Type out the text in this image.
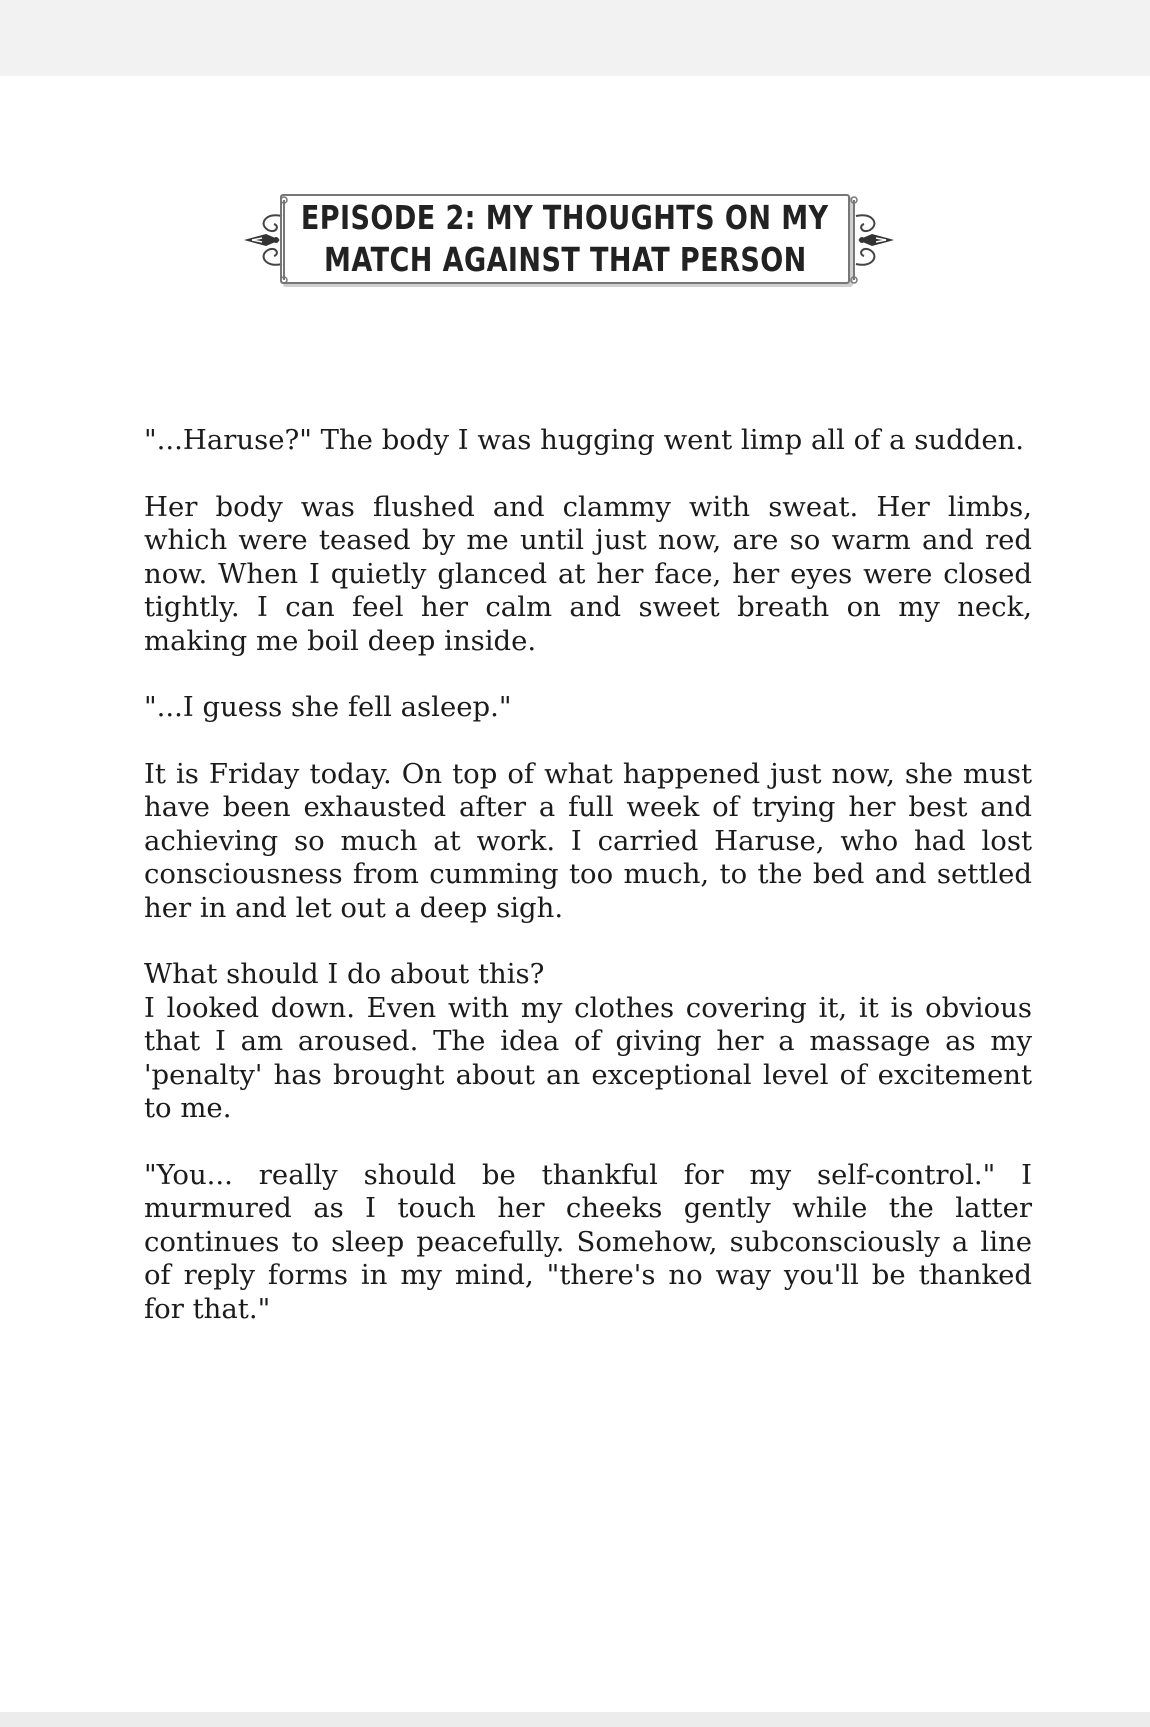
EPISODE 2: MY THOUGHTS ON MY
MATCH AGAINST THAT PERSON

"...Haruse?" The body I was hugging went limp all of a sudden.

Her body was flushed and clammy with sweat. Her limbs, which were teased by me until just now, are so warm and red now. When I quietly glanced at her face, her eyes were closed tightly. I can feel her calm and sweet breath on my neck, making me boil deep inside.

"...I guess she fell asleep."

It is Friday today. On top of what happened just now, she must have been exhausted after a full week of trying her best and achieving so much at work. I carried Haruse, who had lost consciousness from cumming too much, to the bed and settled her in and let out a deep sigh.

What should I do about this?

I looked down. Even with my clothes covering it, it is obvious that I am aroused. The idea of giving her a massage as my 'penalty' has brought about an exceptional level of excitement to me.

"You... really should be thankful for my self-control." I murmured as I touch her cheeks gently while the latter continues to sleep peacefully. Somehow, subconsciously a line of reply forms in my mind, "there's no way you'll be thanked for that."
